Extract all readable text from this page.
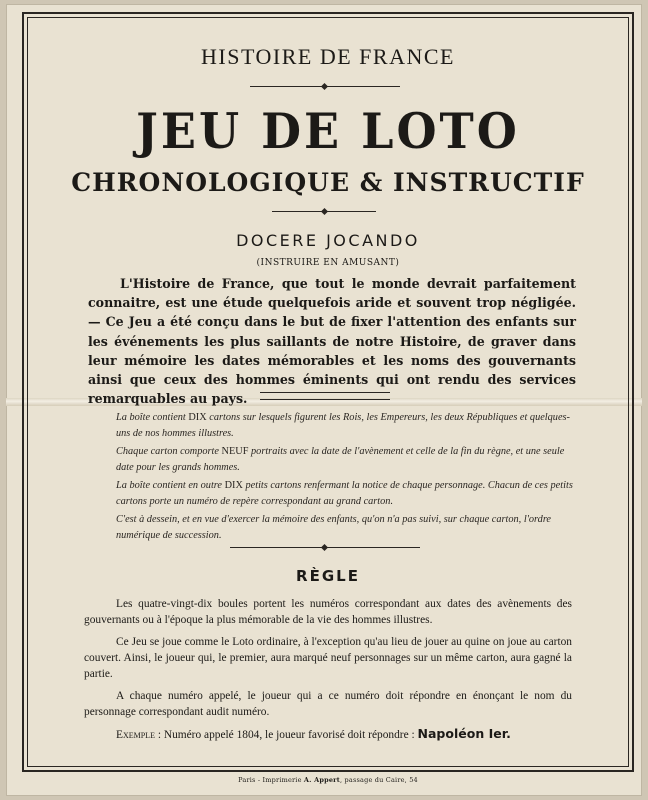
HISTOIRE DE FRANCE
JEU DE LOTO
CHRONOLOGIQUE & INSTRUCTIF
DOCERE JOCANDO
(INSTRUIRE EN AMUSANT)
L'Histoire de France, que tout le monde devrait parfaitement connaitre, est une étude quelquefois aride et souvent trop négligée. — Ce Jeu a été conçu dans le but de fixer l'attention des enfants sur les événements les plus saillants de notre Histoire, de graver dans leur mémoire les dates mémorables et les noms des gouvernants ainsi que ceux des hommes éminents qui ont rendu des services remarquables au pays.

La boîte contient DIX cartons sur lesquels figurent les Rois, les Empereurs, les deux Républiques et quelques-uns de nos hommes illustres.

Chaque carton comporte NEUF portraits avec la date de l'avènement et celle de la fin du règne, et une seule date pour les grands hommes.

La boîte contient en outre DIX petits cartons renfermant la notice de chaque personnage. Chacun de ces petits cartons porte un numéro de repère correspondant au grand carton.

C'est à dessein, et en vue d'exercer la mémoire des enfants, qu'on n'a pas suivi, sur chaque carton, l'ordre numérique de succession.

RÈGLE

Les quatre-vingt-dix boules portent les numéros correspondant aux dates des avènements des gouvernants ou à l'époque la plus mémorable de la vie des hommes illustres.

Ce Jeu se joue comme le Loto ordinaire, à l'exception qu'au lieu de jouer au quine on joue au carton couvert. Ainsi, le joueur qui, le premier, aura marqué neuf personnages sur un même carton, aura gagné la partie.

A chaque numéro appelé, le joueur qui a ce numéro doit répondre en énonçant le nom du personnage correspondant audit numéro.

Exemple : Numéro appelé 1804, le joueur favorisé doit répondre : Napoléon Ier.

Paris - Imprimerie A. Appert, passage du Caire, 54
